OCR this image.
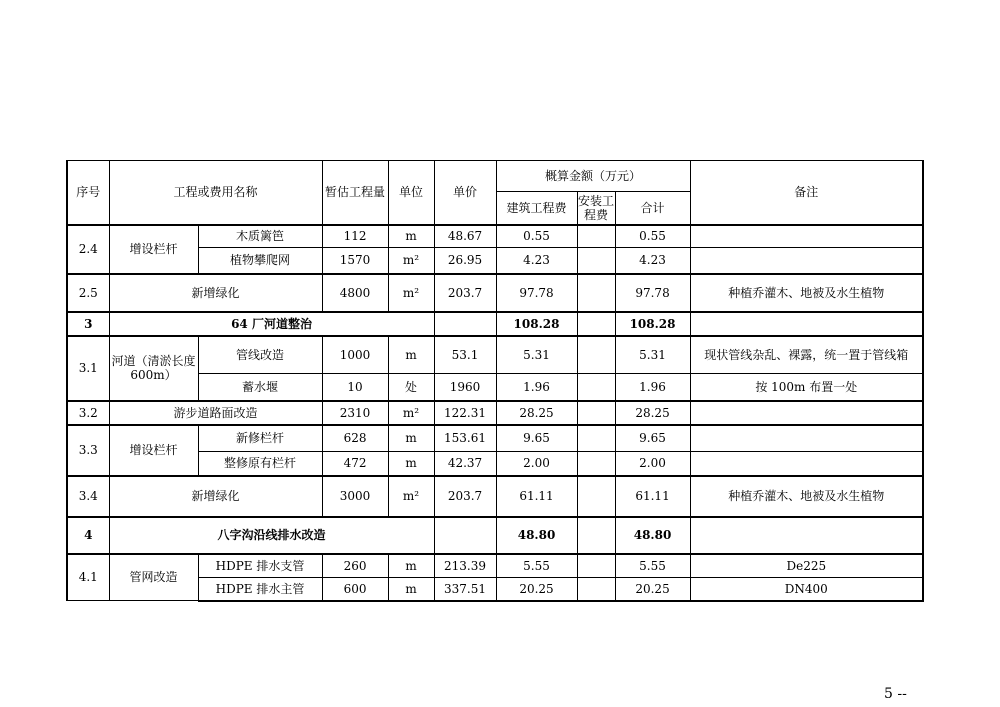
序号	工程或费用名称		暂估工程量	单位	单价	概算金额（万元）			备注
						建筑工程费	安装工程费	合计	
2.4	增设栏杆	木质篱笆	112	m	48.67	0.55		0.55	
		植物攀爬网	1570	m²	26.95	4.23		4.23	
2.5	新增绿化		4800	m²	203.7	97.78		97.78	种植乔灌木、地被及水生植物
3	64 厂河道整治					108.28		108.28	
3.1	河道（清淤长度600m）	管线改造	1000	m	53.1	5.31		5.31	现状管线杂乱、裸露，统一置于管线箱
		蓄水堰	10	处	1960	1.96		1.96	按 100m 布置一处
3.2	游步道路面改造		2310	m²	122.31	28.25		28.25	
3.3	增设栏杆	新修栏杆	628	m	153.61	9.65		9.65	
		整修原有栏杆	472	m	42.37	2.00		2.00	
3.4	新增绿化		3000	m²	203.7	61.11		61.11	种植乔灌木、地被及水生植物
4	八字沟沿线排水改造					48.80		48.80	
4.1	管网改造	HDPE 排水支管	260	m	213.39	5.55		5.55	De225
		HDPE 排水主管	600	m	337.51	20.25		20.25	DN400
5 --
